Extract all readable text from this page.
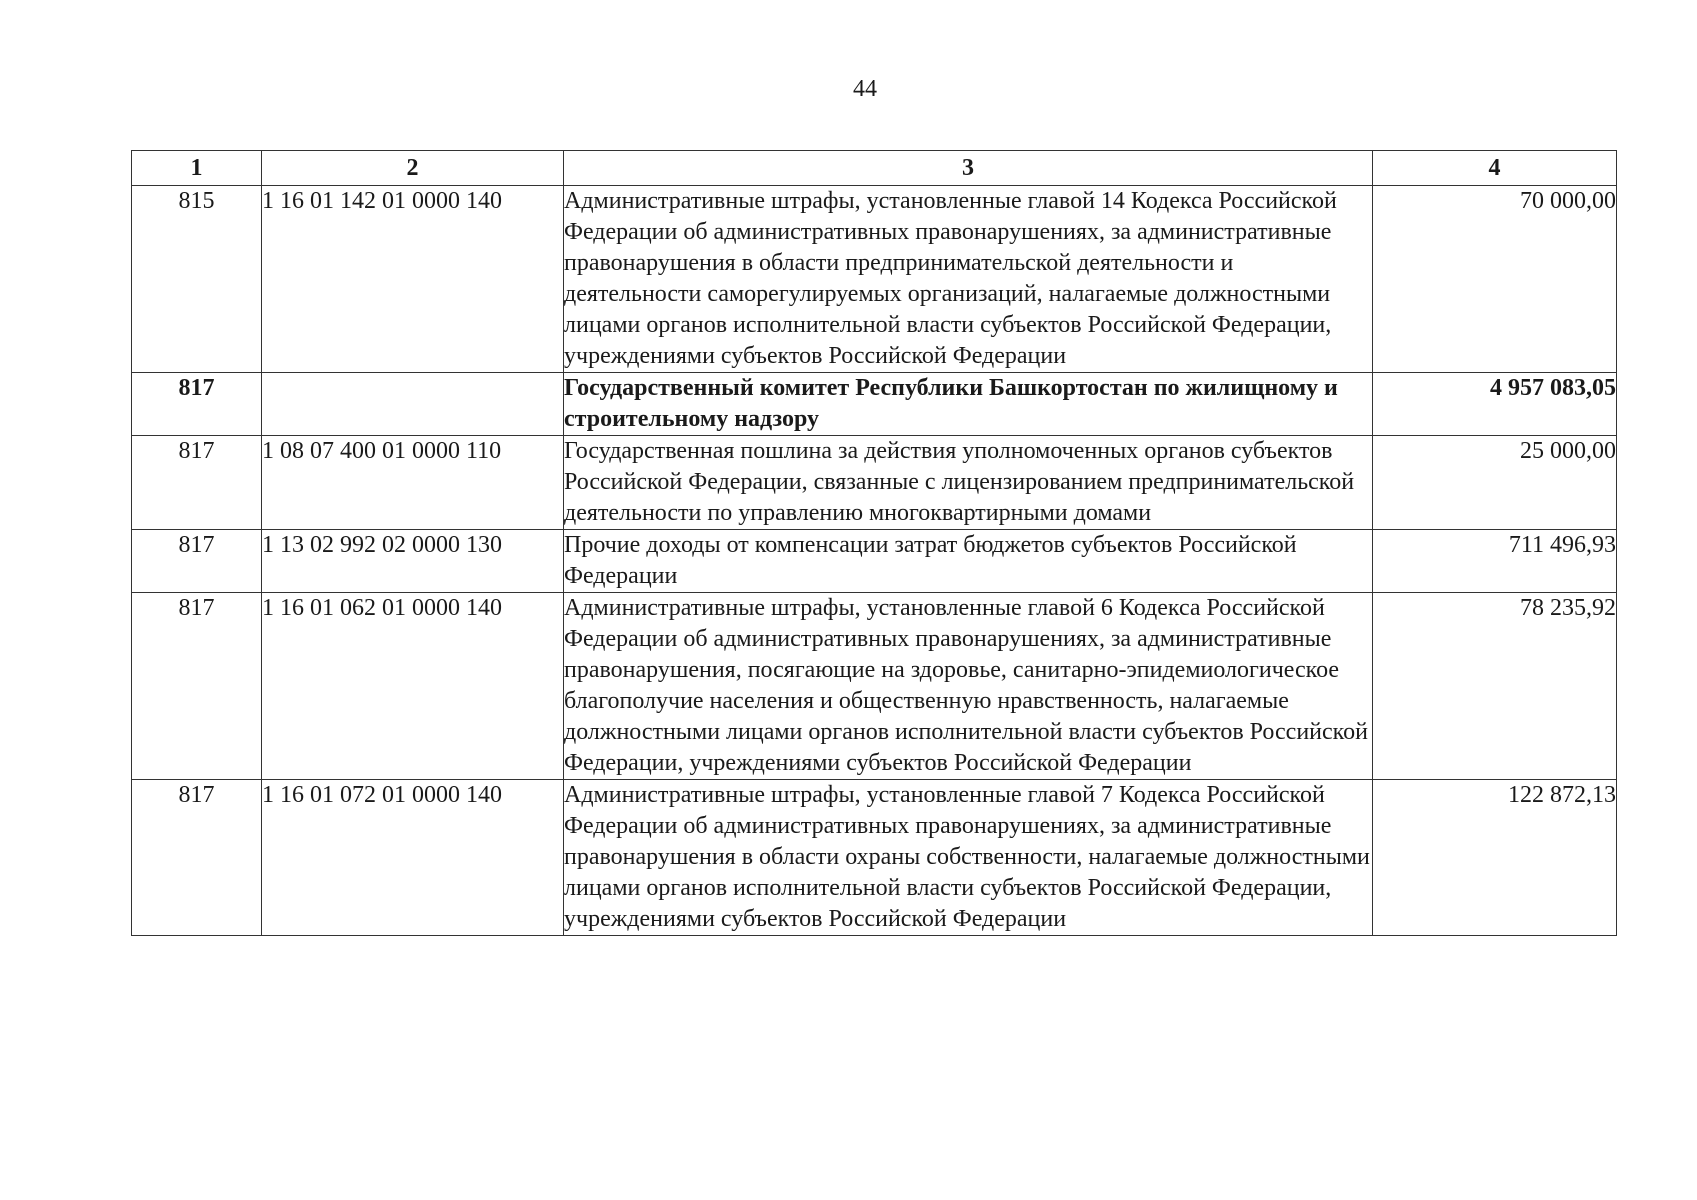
44
1	2	3	4
815	1 16 01 142 01 0000 140	Административные штрафы, установленные главой 14 Кодекса Российской Федерации об административных правонарушениях, за административные правонарушения в области предпринимательской деятельности и деятельности саморегулируемых организаций, налагаемые должностными лицами органов исполнительной власти субъектов Российской Федерации, учреждениями субъектов Российской Федерации	70 000,00
817		Государственный комитет Республики Башкортостан по жилищному и строительному надзору	4 957 083,05
817	1 08 07 400 01 0000 110	Государственная пошлина за действия уполномоченных органов субъектов Российской Федерации, связанные с лицензированием предпринимательской деятельности по управлению многоквартирными домами	25 000,00
817	1 13 02 992 02 0000 130	Прочие доходы от компенсации затрат бюджетов субъектов Российской Федерации	711 496,93
817	1 16 01 062 01 0000 140	Административные штрафы, установленные главой 6 Кодекса Российской Федерации об административных правонарушениях, за административные правонарушения, посягающие на здоровье, санитарно-эпидемиологическое благополучие населения и общественную нравственность, налагаемые должностными лицами органов исполнительной власти субъектов Российской Федерации, учреждениями субъектов Российской Федерации	78 235,92
817	1 16 01 072 01 0000 140	Административные штрафы, установленные главой 7 Кодекса Российской Федерации об административных правонарушениях, за административные правонарушения в области охраны собственности, налагаемые должностными лицами органов исполнительной власти субъектов Российской Федерации, учреждениями субъектов Российской Федерации	122 872,13
